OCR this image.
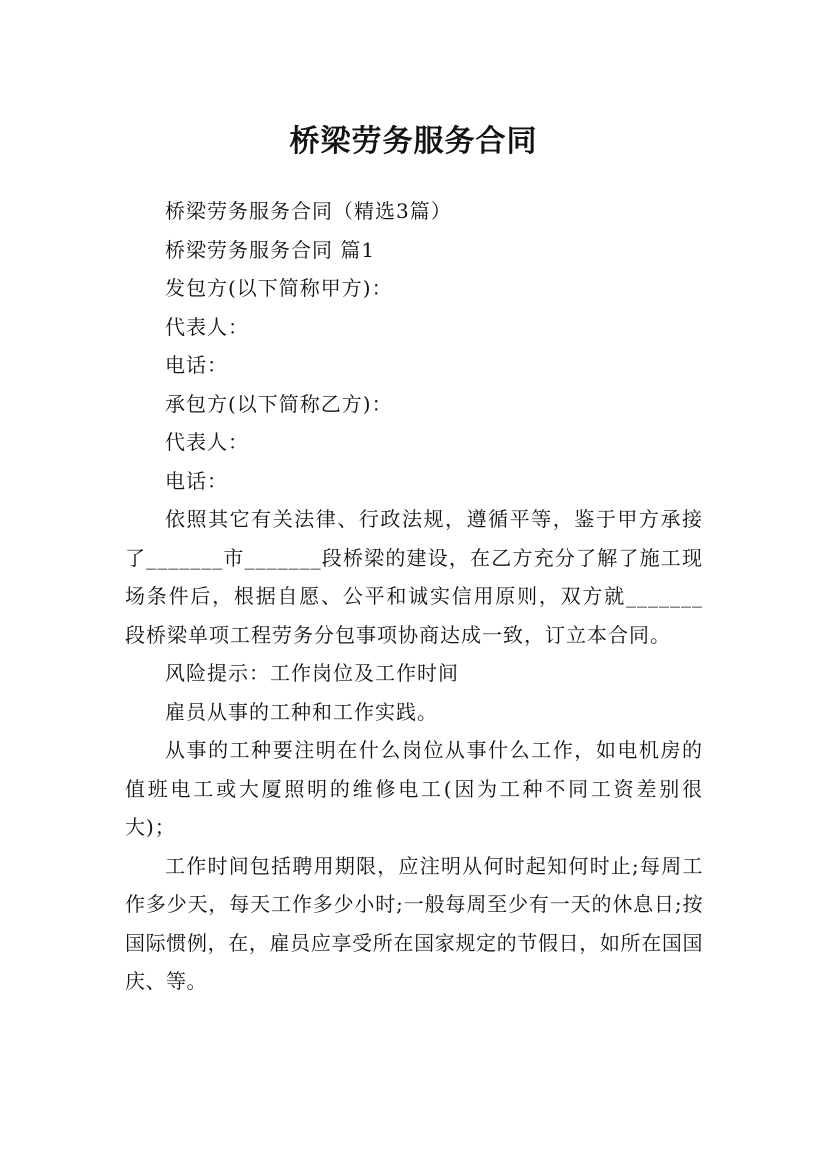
桥梁劳务服务合同

桥梁劳务服务合同（精选3篇）

桥梁劳务服务合同 篇1

发包方(以下简称甲方)：

代表人：

电话：

承包方(以下简称乙方)：

代表人：

电话：

依照其它有关法律、行政法规，遵循平等，鉴于甲方承接了_______市_______段桥梁的建设，在乙方充分了解了施工现场条件后，根据自愿、公平和诚实信用原则，双方就_______段桥梁单项工程劳务分包事项协商达成一致，订立本合同。

风险提示：工作岗位及工作时间

雇员从事的工种和工作实践。

从事的工种要注明在什么岗位从事什么工作，如电机房的值班电工或大厦照明的维修电工(因为工种不同工资差别很大)；

工作时间包括聘用期限，应注明从何时起知何时止;每周工作多少天，每天工作多少小时;一般每周至少有一天的休息日;按国际惯例，在，雇员应享受所在国家规定的节假日，如所在国国庆、等。
